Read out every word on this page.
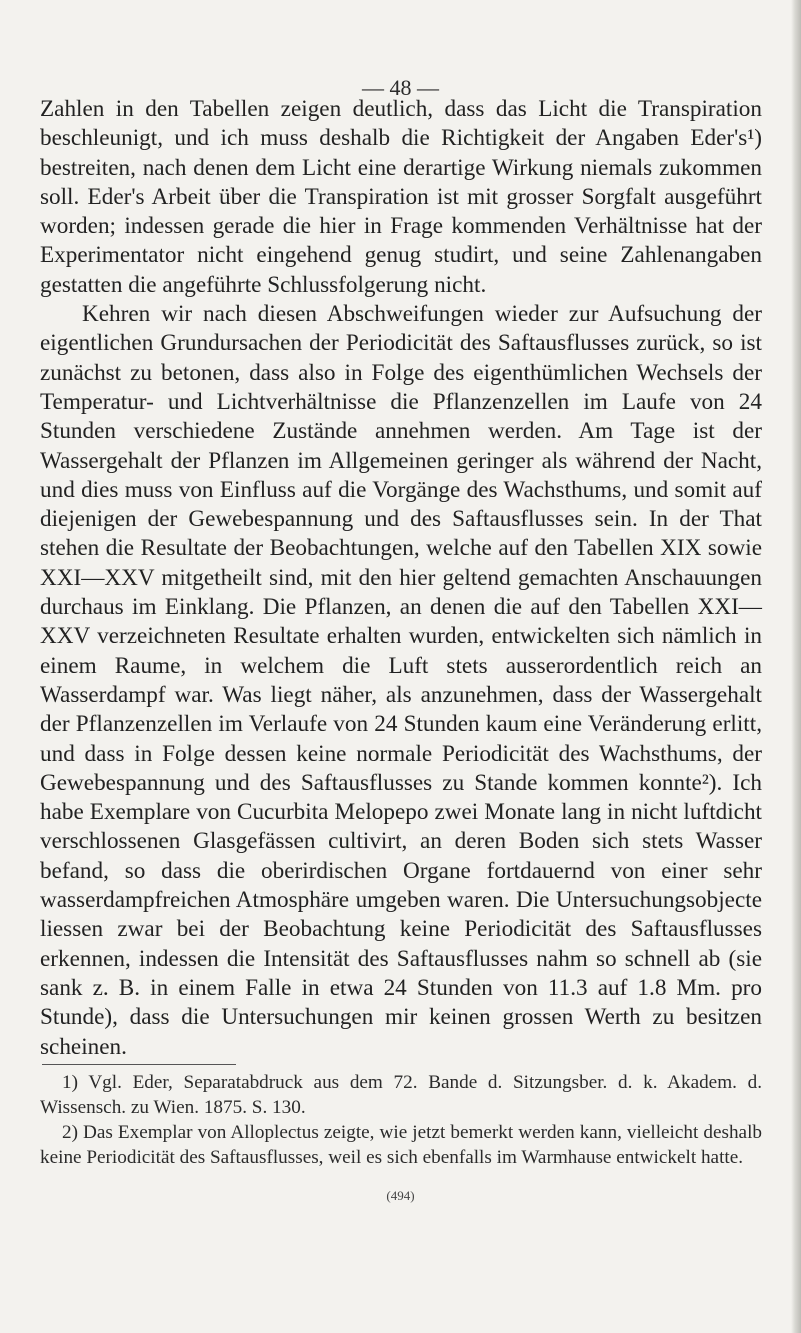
— 48 —

Zahlen in den Tabellen zeigen deutlich, dass das Licht die Transpiration beschleunigt, und ich muss deshalb die Richtigkeit der Angaben Eder's¹) bestreiten, nach denen dem Licht eine derartige Wirkung niemals zukommen soll. Eder's Arbeit über die Transpiration ist mit grosser Sorgfalt ausgeführt worden; indessen gerade die hier in Frage kommenden Verhältnisse hat der Experimentator nicht eingehend genug studirt, und seine Zahlenangaben gestatten die angeführte Schlussfolgerung nicht.

Kehren wir nach diesen Abschweifungen wieder zur Aufsuchung der eigentlichen Grundursachen der Periodicität des Saftausflusses zurück, so ist zunächst zu betonen, dass also in Folge des eigenthümlichen Wechsels der Temperatur- und Lichtverhältnisse die Pflanzenzellen im Laufe von 24 Stunden verschiedene Zustände annehmen werden. Am Tage ist der Wassergehalt der Pflanzen im Allgemeinen geringer als während der Nacht, und dies muss von Einfluss auf die Vorgänge des Wachsthums, und somit auf diejenigen der Gewebespannung und des Saftausflusses sein. In der That stehen die Resultate der Beobachtungen, welche auf den Tabellen XIX sowie XXI—XXV mitgetheilt sind, mit den hier geltend gemachten Anschauungen durchaus im Einklang. Die Pflanzen, an denen die auf den Tabellen XXI—XXV verzeichneten Resultate erhalten wurden, entwickelten sich nämlich in einem Raume, in welchem die Luft stets ausserordentlich reich an Wasserdampf war. Was liegt näher, als anzunehmen, dass der Wassergehalt der Pflanzenzellen im Verlaufe von 24 Stunden kaum eine Veränderung erlitt, und dass in Folge dessen keine normale Periodicität des Wachsthums, der Gewebespannung und des Saftausflusses zu Stande kommen konnte²). Ich habe Exemplare von Cucurbita Melopepo zwei Monate lang in nicht luftdicht verschlossenen Glasgefässen cultivirt, an deren Boden sich stets Wasser befand, so dass die oberirdischen Organe fortdauernd von einer sehr wasserdampfreichen Atmosphäre umgeben waren. Die Untersuchungsobjecte liessen zwar bei der Beobachtung keine Periodicität des Saftausflusses erkennen, indessen die Intensität des Saftausflusses nahm so schnell ab (sie sank z. B. in einem Falle in etwa 24 Stunden von 11.3 auf 1.8 Mm. pro Stunde), dass die Untersuchungen mir keinen grossen Werth zu besitzen scheinen.

1) Vgl. Eder, Separatabdruck aus dem 72. Bande d. Sitzungsber. d. k. Akadem. d. Wissensch. zu Wien. 1875. S. 130.

2) Das Exemplar von Alloplectus zeigte, wie jetzt bemerkt werden kann, vielleicht deshalb keine Periodicität des Saftausflusses, weil es sich ebenfalls im Warmhause entwickelt hatte.

(494)
